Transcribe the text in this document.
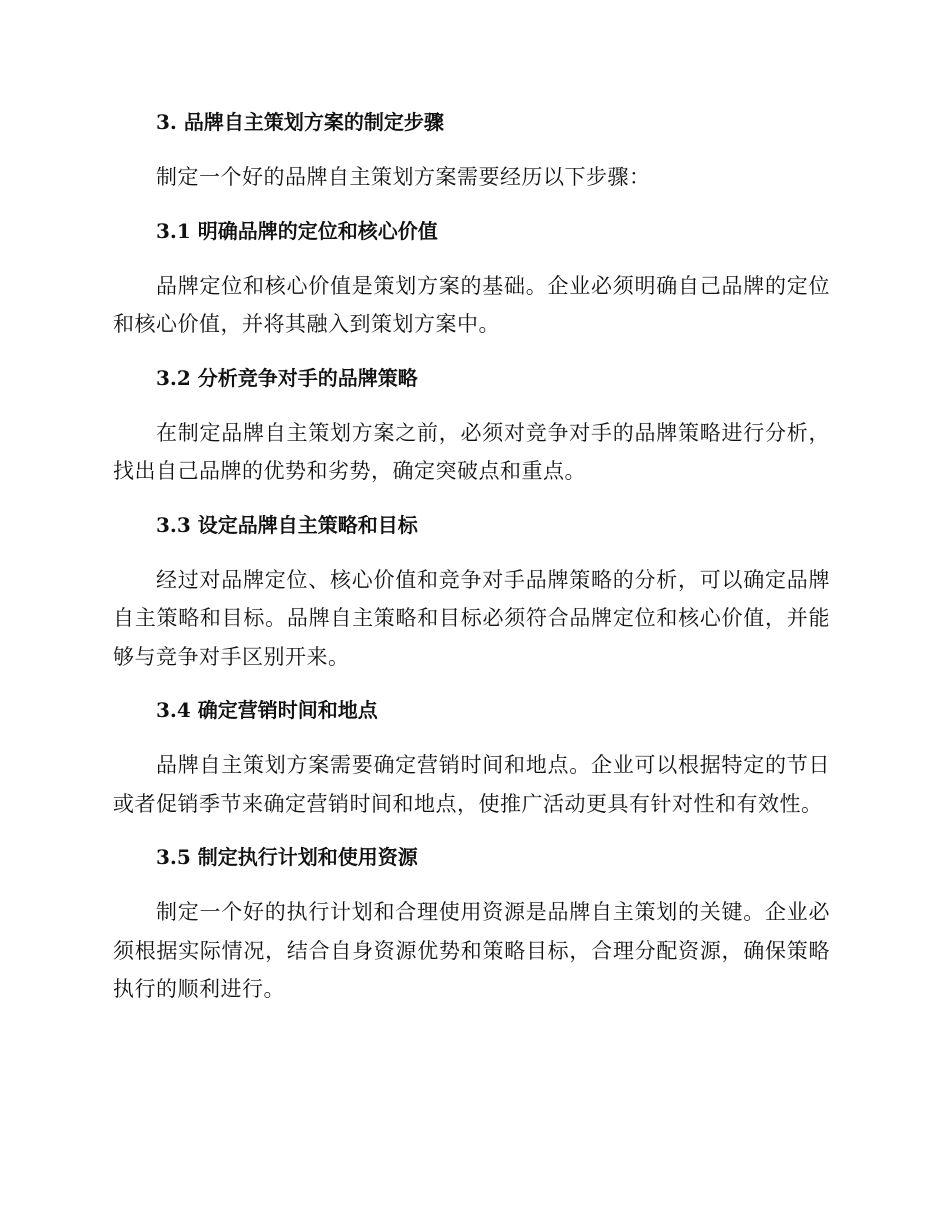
3. 品牌自主策划方案的制定步骤

制定一个好的品牌自主策划方案需要经历以下步骤：

3.1 明确品牌的定位和核心价值

品牌定位和核心价值是策划方案的基础。企业必须明确自己品牌的定位和核心价值，并将其融入到策划方案中。

3.2 分析竞争对手的品牌策略

在制定品牌自主策划方案之前，必须对竞争对手的品牌策略进行分析，找出自己品牌的优势和劣势，确定突破点和重点。

3.3 设定品牌自主策略和目标

经过对品牌定位、核心价值和竞争对手品牌策略的分析，可以确定品牌自主策略和目标。品牌自主策略和目标必须符合品牌定位和核心价值，并能够与竞争对手区别开来。

3.4 确定营销时间和地点

品牌自主策划方案需要确定营销时间和地点。企业可以根据特定的节日或者促销季节来确定营销时间和地点，使推广活动更具有针对性和有效性。

3.5 制定执行计划和使用资源

制定一个好的执行计划和合理使用资源是品牌自主策划的关键。企业必须根据实际情况，结合自身资源优势和策略目标，合理分配资源，确保策略执行的顺利进行。
